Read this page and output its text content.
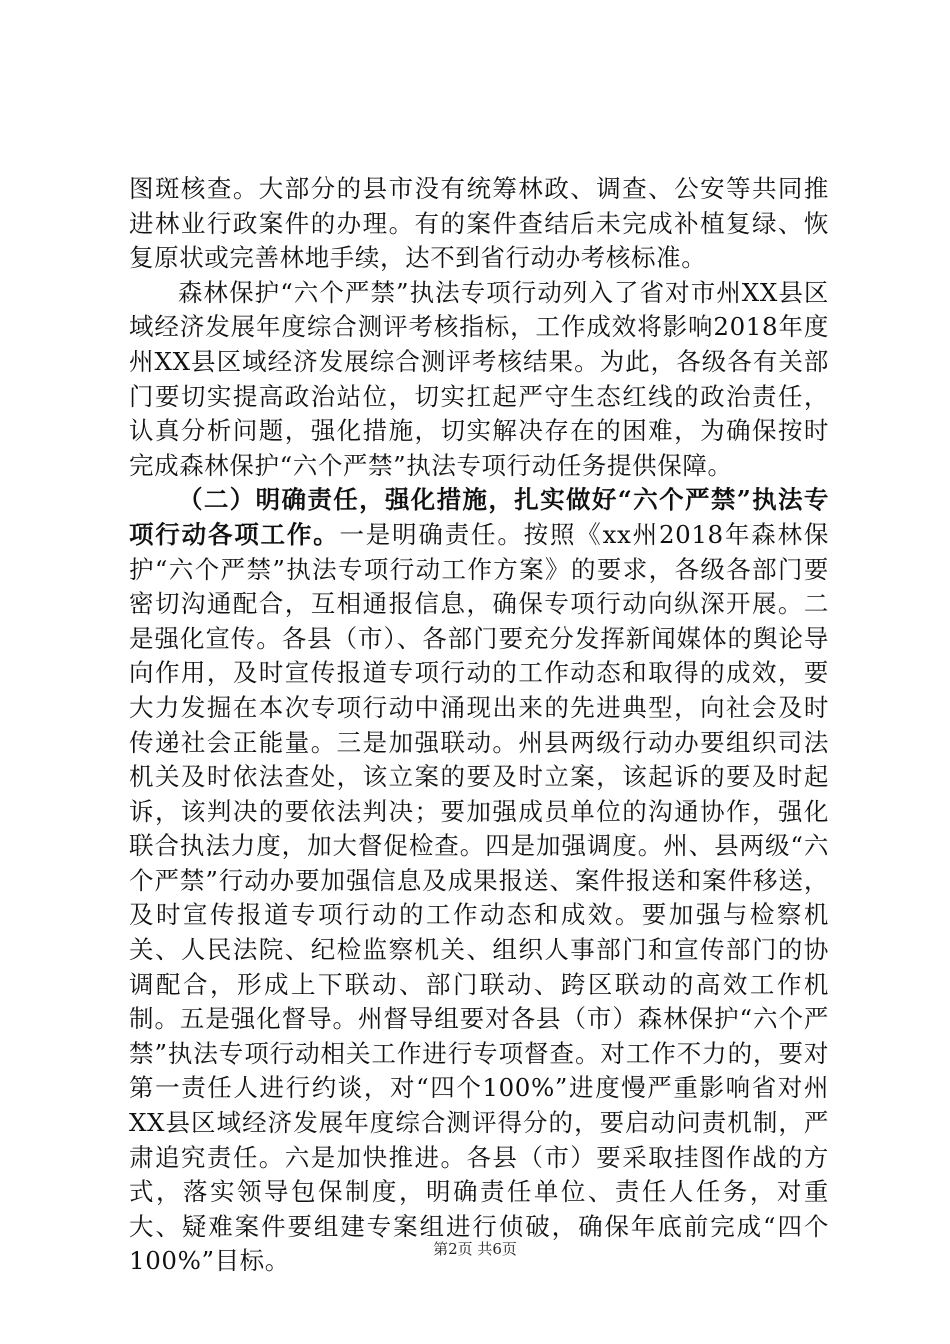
图斑核查。大部分的县市没有统筹林政、调查、公安等共同推进林业行政案件的办理。有的案件查结后未完成补植复绿、恢复原状或完善林地手续，达不到省行动办考核标准。

森林保护“六个严禁”执法专项行动列入了省对市州XX县区域经济发展年度综合测评考核指标，工作成效将影响2018年度州XX县区域经济发展综合测评考核结果。为此，各级各有关部门要切实提高政治站位，切实扛起严守生态红线的政治责任，认真分析问题，强化措施，切实解决存在的困难，为确保按时完成森林保护“六个严禁”执法专项行动任务提供保障。

（二）明确责任，强化措施，扎实做好“六个严禁”执法专项行动各项工作。一是明确责任。按照《xx州2018年森林保护“六个严禁”执法专项行动工作方案》的要求，各级各部门要密切沟通配合，互相通报信息，确保专项行动向纵深开展。二是强化宣传。各县（市）、各部门要充分发挥新闻媒体的舆论导向作用，及时宣传报道专项行动的工作动态和取得的成效，要大力发掘在本次专项行动中涌现出来的先进典型，向社会及时传递社会正能量。三是加强联动。州县两级行动办要组织司法机关及时依法查处，该立案的要及时立案，该起诉的要及时起诉，该判决的要依法判决；要加强成员单位的沟通协作，强化联合执法力度，加大督促检查。四是加强调度。州、县两级“六个严禁”行动办要加强信息及成果报送、案件报送和案件移送，及时宣传报道专项行动的工作动态和成效。要加强与检察机关、人民法院、纪检监察机关、组织人事部门和宣传部门的协调配合，形成上下联动、部门联动、跨区联动的高效工作机制。五是强化督导。州督导组要对各县（市）森林保护“六个严禁”执法专项行动相关工作进行专项督查。对工作不力的，要对第一责任人进行约谈，对“四个100%”进度慢严重影响省对州XX县区域经济发展年度综合测评得分的，要启动问责机制，严肃追究责任。六是加快推进。各县（市）要采取挂图作战的方式，落实领导包保制度，明确责任单位、责任人任务，对重大、疑难案件要组建专案组进行侦破，确保年底前完成“四个100%”目标。	第2页 共6页
